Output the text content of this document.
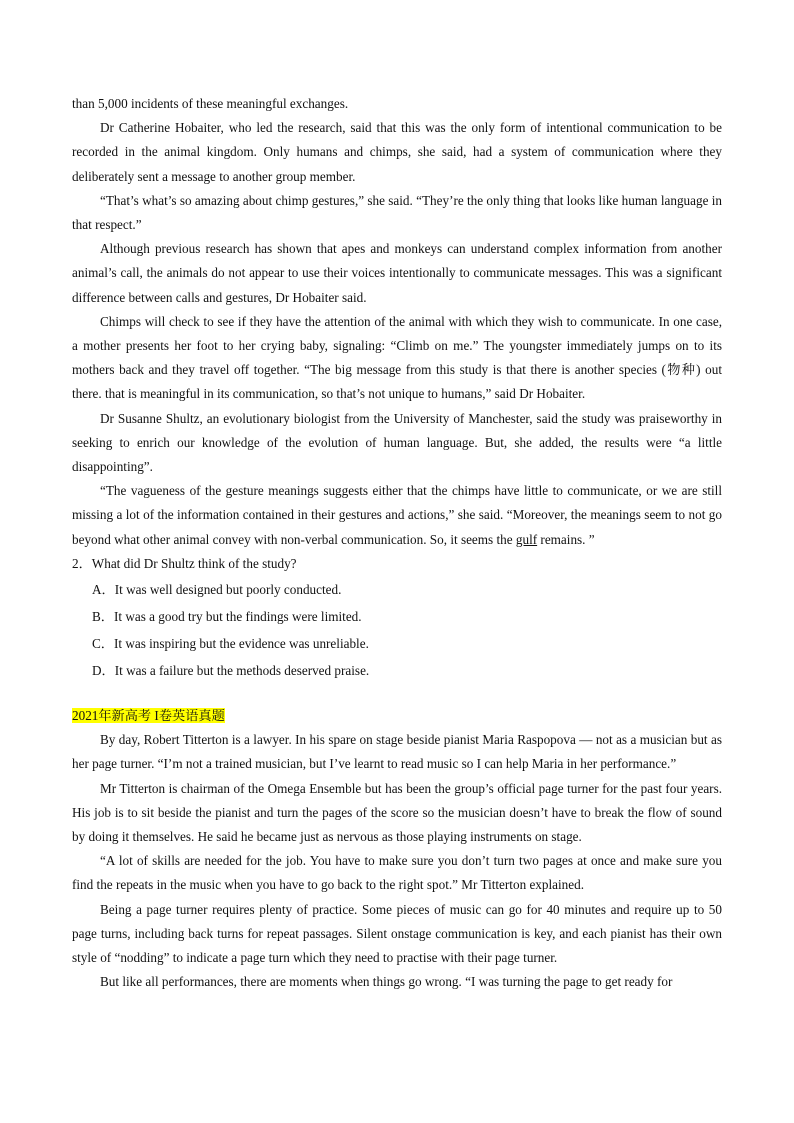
than 5,000 incidents of these meaningful exchanges.

Dr Catherine Hobaiter, who led the research, said that this was the only form of intentional communication to be recorded in the animal kingdom. Only humans and chimps, she said, had a system of communication where they deliberately sent a message to another group member.

“That’s what’s so amazing about chimp gestures,” she said. “They’re the only thing that looks like human language in that respect.”

Although previous research has shown that apes and monkeys can understand complex information from another animal’s call, the animals do not appear to use their voices intentionally to communicate messages. This was a significant difference between calls and gestures, Dr Hobaiter said.

Chimps will check to see if they have the attention of the animal with which they wish to communicate. In one case, a mother presents her foot to her crying baby, signaling: “Climb on me.” The youngster immediately jumps on to its mothers back and they travel off together. “The big message from this study is that there is another species (物种) out there. that is meaningful in its communication, so that’s not unique to humans,” said Dr Hobaiter.

Dr Susanne Shultz, an evolutionary biologist from the University of Manchester, said the study was praiseworthy in seeking to enrich our knowledge of the evolution of human language. But, she added, the results were “a little disappointing”.

“The vagueness of the gesture meanings suggests either that the chimps have little to communicate, or we are still missing a lot of the information contained in their gestures and actions,” she said. “Moreover, the meanings seem to not go beyond what other animal convey with non-verbal communication. So, it seems the gulf remains. ”

2．What did Dr Shultz think of the study?

A．It was well designed but poorly conducted.

B．It was a good try but the findings were limited.

C．It was inspiring but the evidence was unreliable.

D．It was a failure but the methods deserved praise.

2021年新高考 I卷英语真题

By day, Robert Titterton is a lawyer. In his spare on stage beside pianist Maria Raspopova — not as a musician but as her page turner. “I’m not a trained musician, but I’ve learnt to read music so I can help Maria in her performance.”

Mr Titterton is chairman of the Omega Ensemble but has been the group’s official page turner for the past four years. His job is to sit beside the pianist and turn the pages of the score so the musician doesn’t have to break the flow of sound by doing it themselves. He said he became just as nervous as those playing instruments on stage.

“A lot of skills are needed for the job. You have to make sure you don’t turn two pages at once and make sure you find the repeats in the music when you have to go back to the right spot.” Mr Titterton explained.

Being a page turner requires plenty of practice. Some pieces of music can go for 40 minutes and require up to 50 page turns, including back turns for repeat passages. Silent onstage communication is key, and each pianist has their own style of “nodding” to indicate a page turn which they need to practise with their page turner.

But like all performances, there are moments when things go wrong. “I was turning the page to get ready for
